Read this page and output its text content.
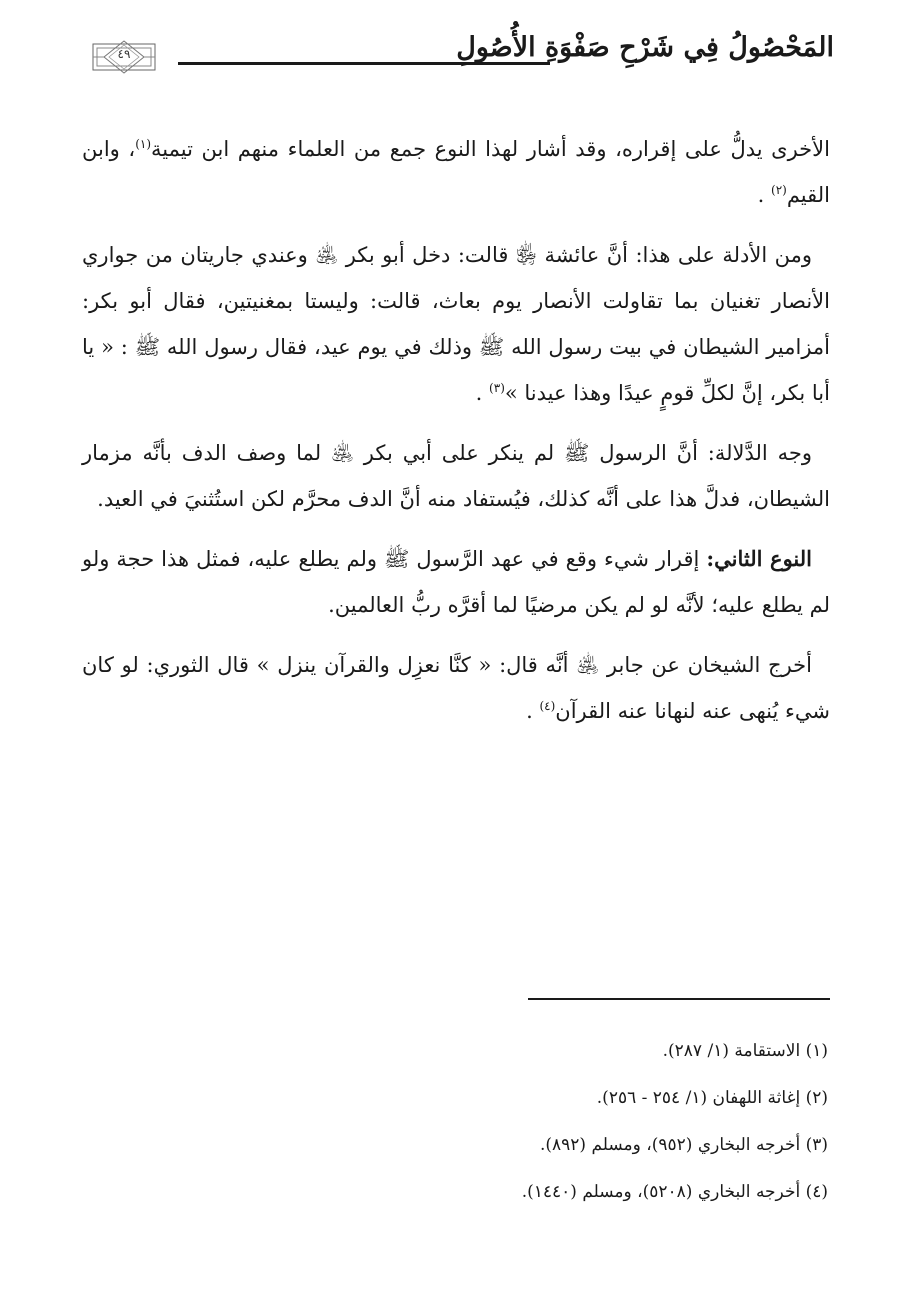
٤٩	المَحْصُولُ فِي شَرْحِ صَفْوَةِ الأُصُولِ

الأخرى يدلُّ على إقراره، وقد أشار لهذا النوع جمع من العلماء منهم ابن تيمية$^{(١)}$، وابن القيم$^{(٢)}$ .

ومن الأدلة على هذا: أنَّ عائشة ﵂ قالت: دخل أبو بكر ﵁ وعندي جاريتان من جواري الأنصار تغنيان بما تقاولت الأنصار يوم بعاث، قالت: وليستا بمغنيتين، فقال أبو بكر: أمزامير الشيطان في بيت رسول الله ﷺ وذلك في يوم عيد، فقال رسول الله ﷺ : « يا أبا بكر، إنَّ لكلِّ قومٍ عيدًا وهذا عيدنا »$^{(٣)}$ .

وجه الدَّلالة: أنَّ الرسول ﷺ لم ينكر على أبي بكر ﵁ لما وصف الدف بأنَّه مزمار الشيطان، فدلَّ هذا على أنَّه كذلك، فيُستفاد منه أنَّ الدف محرَّم لكن استُثنيَ في العيد.

النوع الثاني: إقرار شيء وقع في عهد الرَّسول ﷺ ولم يطلع عليه، فمثل هذا حجة ولو لم يطلع عليه؛ لأنَّه لو لم يكن مرضيًا لما أقرَّه ربُّ العالمين.

أخرج الشيخان عن جابر ﵁ أنَّه قال: « كنَّا نعزِل والقرآن ينزل » قال الثوري: لو كان شيء يُنهى عنه لنهانا عنه القرآن$^{(٤)}$ .

(١) الاستقامة (١/ ٢٨٧).

(٢) إغاثة اللهفان (١/ ٢٥٤ - ٢٥٦).

(٣) أخرجه البخاري (٩٥٢)، ومسلم (٨٩٢).

(٤) أخرجه البخاري (٥٢٠٨)، ومسلم (١٤٤٠).
